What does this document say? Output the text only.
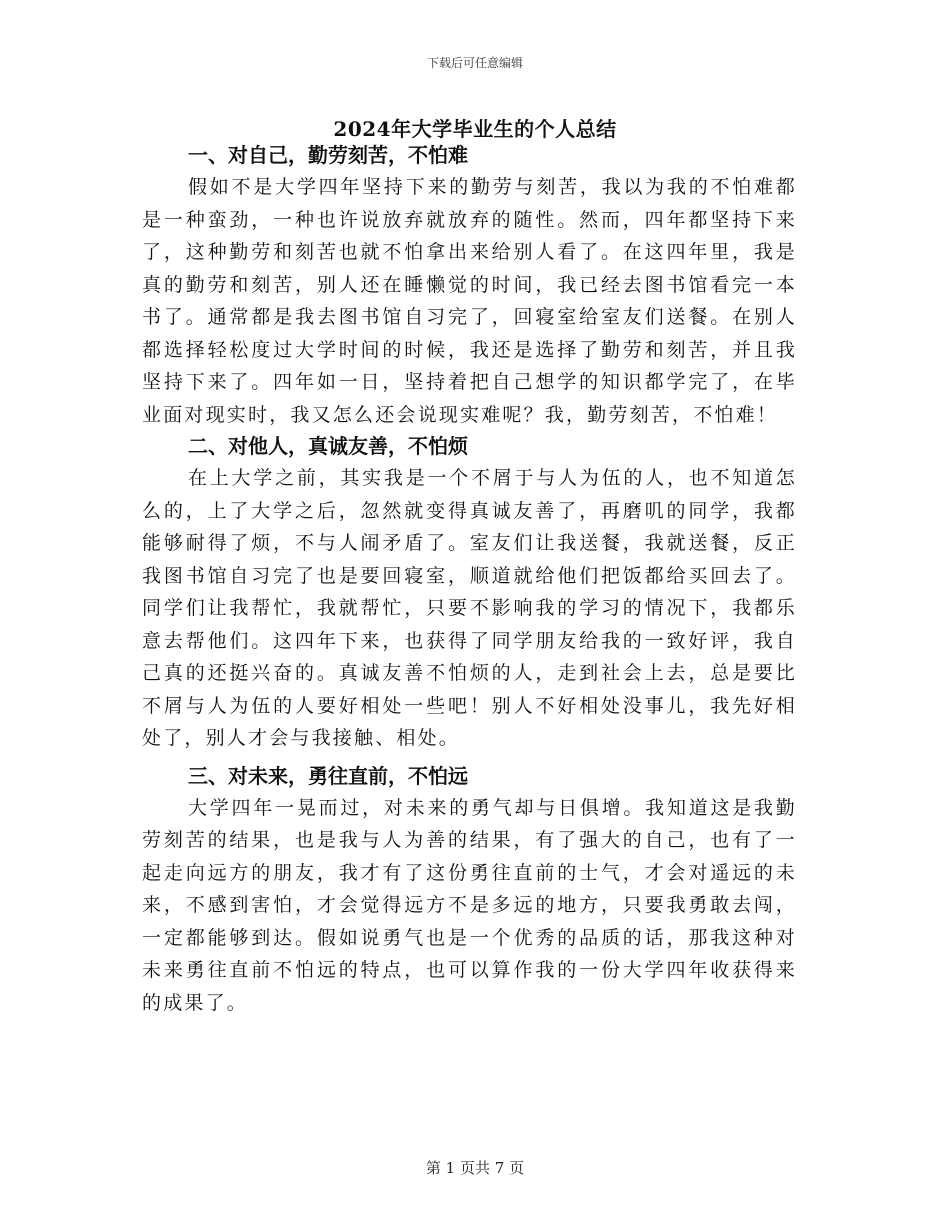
下载后可任意编辑
2024年大学毕业生的个人总结
一、对自己，勤劳刻苦，不怕难

假如不是大学四年坚持下来的勤劳与刻苦，我以为我的不怕难都是一种蛮劲，一种也许说放弃就放弃的随性。然而，四年都坚持下来了，这种勤劳和刻苦也就不怕拿出来给别人看了。在这四年里，我是真的勤劳和刻苦，别人还在睡懒觉的时间，我已经去图书馆看完一本书了。通常都是我去图书馆自习完了，回寝室给室友们送餐。在别人都选择轻松度过大学时间的时候，我还是选择了勤劳和刻苦，并且我坚持下来了。四年如一日，坚持着把自己想学的知识都学完了，在毕业面对现实时，我又怎么还会说现实难呢？我，勤劳刻苦，不怕难！

二、对他人，真诚友善，不怕烦

在上大学之前，其实我是一个不屑于与人为伍的人，也不知道怎么的，上了大学之后，忽然就变得真诚友善了，再磨叽的同学，我都能够耐得了烦，不与人闹矛盾了。室友们让我送餐，我就送餐，反正我图书馆自习完了也是要回寝室，顺道就给他们把饭都给买回去了。同学们让我帮忙，我就帮忙，只要不影响我的学习的情况下，我都乐意去帮他们。这四年下来，也获得了同学朋友给我的一致好评，我自己真的还挺兴奋的。真诚友善不怕烦的人，走到社会上去，总是要比不屑与人为伍的人要好相处一些吧！别人不好相处没事儿，我先好相处了，别人才会与我接触、相处。

三、对未来，勇往直前，不怕远

大学四年一晃而过，对未来的勇气却与日俱增。我知道这是我勤劳刻苦的结果，也是我与人为善的结果，有了强大的自己，也有了一起走向远方的朋友，我才有了这份勇往直前的士气，才会对遥远的未来，不感到害怕，才会觉得远方不是多远的地方，只要我勇敢去闯，一定都能够到达。假如说勇气也是一个优秀的品质的话，那我这种对未来勇往直前不怕远的特点，也可以算作我的一份大学四年收获得来的成果了。

第 1 页共 7 页
